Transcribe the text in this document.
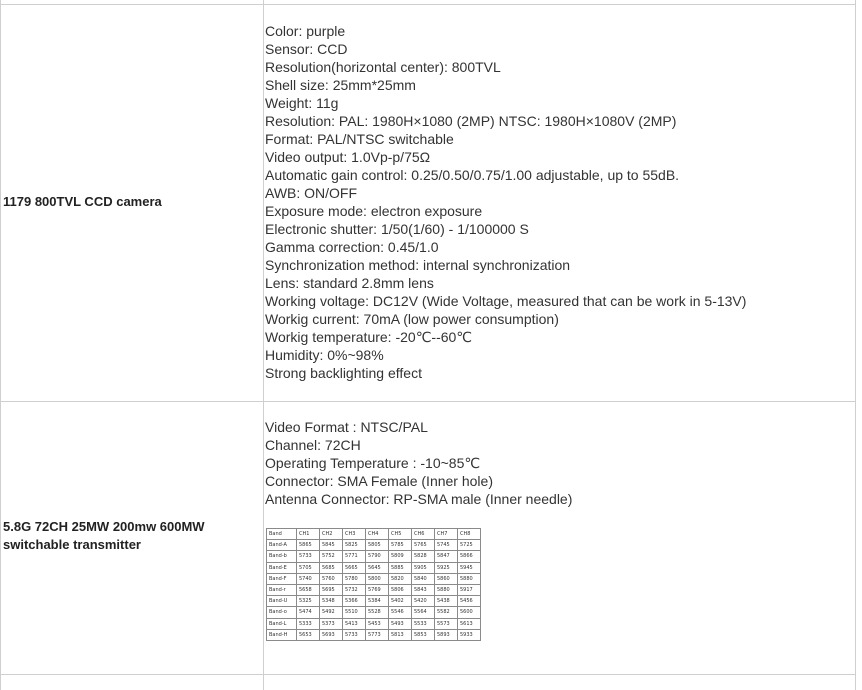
1179 800TVL CCD camera
Color: purple
Sensor: CCD
Resolution(horizontal center): 800TVL
Shell size: 25mm*25mm
Weight: 11g
Resolution: PAL: 1980H×1080 (2MP) NTSC: 1980H×1080V (2MP)
Format: PAL/NTSC switchable
Video output: 1.0Vp-p/75Ω
Automatic gain control: 0.25/0.50/0.75/1.00 adjustable, up to 55dB.
AWB: ON/OFF
Exposure mode: electron exposure
Electronic shutter: 1/50(1/60) - 1/100000 S
Gamma correction: 0.45/1.0
Synchronization method: internal synchronization
Lens: standard 2.8mm lens
Working voltage: DC12V (Wide Voltage, measured that can be work in 5-13V)
Workig current: 70mA (low power consumption)
Workig temperature: -20℃--60℃
Humidity: 0%~98%
Strong backlighting effect
5.8G 72CH 25MW 200mw 600MW
switchable transmitter
Video Format : NTSC/PAL
Channel: 72CH
Operating Temperature : -10~85℃
Connector: SMA Female (Inner hole)
Antenna Connector: RP-SMA male (Inner needle)
Band	CH1	CH2	CH3	CH4	CH5	CH6	CH7	CH8
Band-A	5865	5845	5825	5805	5785	5765	5745	5725
Band-b	5733	5752	5771	5790	5809	5828	5847	5866
Band-E	5705	5685	5665	5645	5885	5905	5925	5945
Band-F	5740	5760	5780	5800	5820	5840	5860	5880
Band-r	5658	5695	5732	5769	5806	5843	5880	5917
Band-U	5325	5348	5366	5384	5402	5420	5438	5456
Band-o	5474	5492	5510	5528	5546	5564	5582	5600
Band-L	5333	5373	5413	5453	5493	5533	5573	5613
Band-H	5653	5693	5733	5773	5813	5853	5893	5933
